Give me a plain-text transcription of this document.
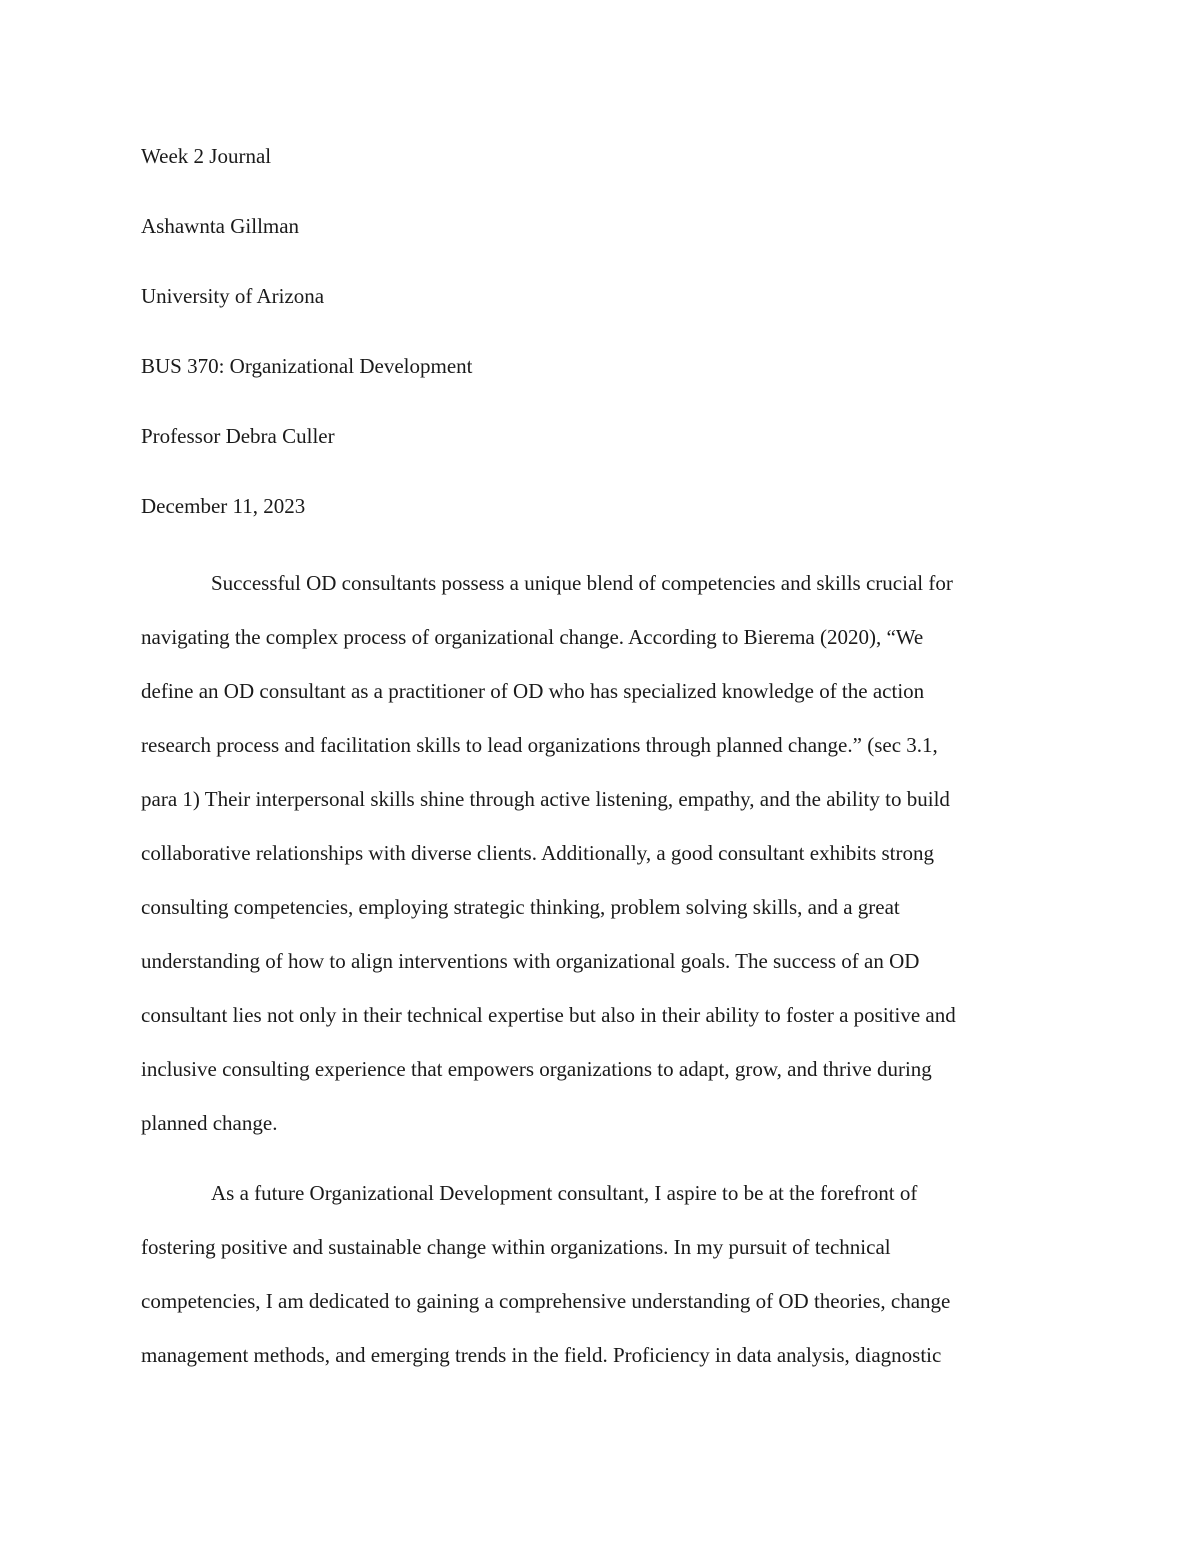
Week 2 Journal

Ashawnta Gillman

University of Arizona

BUS 370: Organizational Development

Professor Debra Culler

December 11, 2023

Successful OD consultants possess a unique blend of competencies and skills crucial for
navigating the complex process of organizational change. According to Bierema (2020), “We
define an OD consultant as a practitioner of OD who has specialized knowledge of the action
research process and facilitation skills to lead organizations through planned change.” (sec 3.1,
para 1) Their interpersonal skills shine through active listening, empathy, and the ability to build
collaborative relationships with diverse clients. Additionally, a good consultant exhibits strong
consulting competencies, employing strategic thinking, problem solving skills, and a great
understanding of how to align interventions with organizational goals. The success of an OD
consultant lies not only in their technical expertise but also in their ability to foster a positive and
inclusive consulting experience that empowers organizations to adapt, grow, and thrive during
planned change.

As a future Organizational Development consultant, I aspire to be at the forefront of
fostering positive and sustainable change within organizations. In my pursuit of technical
competencies, I am dedicated to gaining a comprehensive understanding of OD theories, change
management methods, and emerging trends in the field. Proficiency in data analysis, diagnostic
